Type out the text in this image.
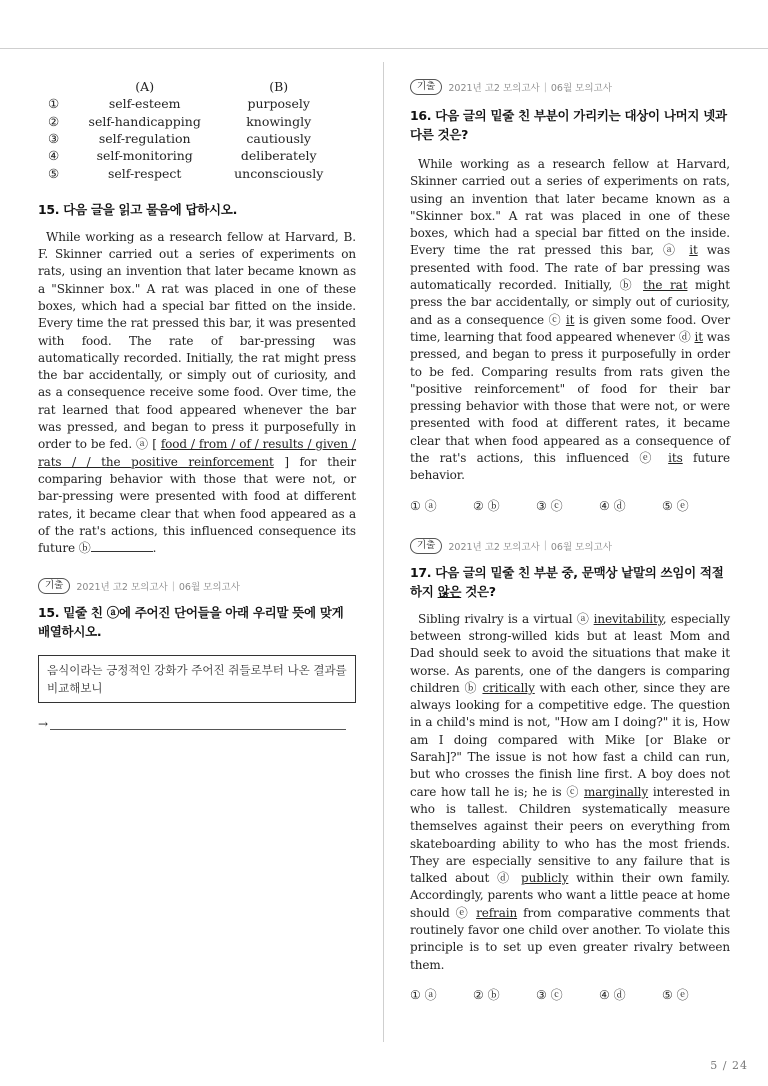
	(A)	(B)
①	self-esteem	purposely
②	self-handicapping	knowingly
③	self-regulation	cautiously
④	self-monitoring	deliberately
⑤	self-respect	unconsciously
15. 다음 글을 읽고 물음에 답하시오.

While working as a research fellow at Harvard, B. F. Skinner carried out a series of experiments on rats, using an invention that later became known as a "Skinner box." A rat was placed in one of these boxes, which had a special bar fitted on the inside. Every time the rat pressed this bar, it was presented with food. The rate of bar-pressing was automatically recorded. Initially, the rat might press the bar accidentally, or simply out of curiosity, and as a consequence receive some food. Over time, the rat learned that food appeared whenever the bar was pressed, and began to press it purposefully in order to be fed. ⓐ [ food / from / of / results / given / rats / / the positive reinforcement ] for their comparing behavior with those that were not, or bar-pressing were presented with food at different rates, it became clear that when food appeared as a of the rat's actions, this influenced consequence its future ⓑ	.

기출	2021년 고2 모의고사 | 06월 모의고사
15. 밑줄 친 ⓐ에 주어진 단어들을 아래 우리말 뜻에 맞게 배열하시오.
음식이라는 긍정적인 강화가 주어진 쥐들로부터 나온 결과를 비교해보니
→
기출	2021년 고2 모의고사 | 06월 모의고사
16. 다음 글의 밑줄 친 부분이 가리키는 대상이 나머지 넷과 다른 것은?

While working as a research fellow at Harvard, Skinner carried out a series of experiments on rats, using an invention that later became known as a "Skinner box." A rat was placed in one of these boxes, which had a special bar fitted on the inside. Every time the rat pressed this bar, ⓐ it was presented with food. The rate of bar pressing was automatically recorded. Initially, ⓑ the rat might press the bar accidentally, or simply out of curiosity, and as a consequence ⓒ it is given some food. Over time, learning that food appeared whenever ⓓ it was pressed, and began to press it purposefully in order to be fed. Comparing results from rats given the "positive reinforcement" of food for their bar pressing behavior with those that were not, or were presented with food at different rates, it became clear that when food appeared as a consequence of the rat's actions, this influenced ⓔ its future behavior.

① ⓐ	② ⓑ	③ ⓒ	④ ⓓ	⑤ ⓔ
기출	2021년 고2 모의고사 | 06월 모의고사
17. 다음 글의 밑줄 친 부분 중, 문맥상 낱말의 쓰임이 적절하지 않은 것은?

Sibling rivalry is a virtual ⓐ inevitability, especially between strong-willed kids but at least Mom and Dad should seek to avoid the situations that make it worse. As parents, one of the dangers is comparing children ⓑ critically with each other, since they are always looking for a competitive edge. The question in a child's mind is not, "How am I doing?" it is, How am I doing compared with Mike [or Blake or Sarah]?" The issue is not how fast a child can run, but who crosses the finish line first. A boy does not care how tall he is; he is ⓒ marginally interested in who is tallest. Children systematically measure themselves against their peers on everything from skateboarding ability to who has the most friends. They are especially sensitive to any failure that is talked about ⓓ publicly within their own family. Accordingly, parents who want a little peace at home should ⓔ refrain from comparative comments that routinely favor one child over another. To violate this principle is to set up even greater rivalry between them.

① ⓐ	② ⓑ	③ ⓒ	④ ⓓ	⑤ ⓔ
5 / 24
